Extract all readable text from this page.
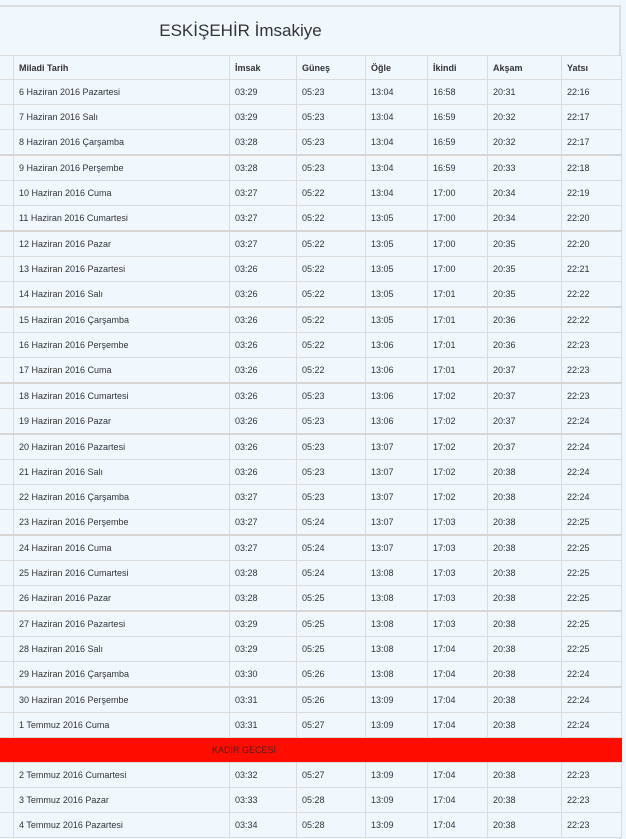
ESKİŞEHİR İmsakiye
	Miladi Tarih	İmsak	Güneş	Öğle	İkindi	Akşam	Yatsı
	6 Haziran 2016 Pazartesi	03:29	05:23	13:04	16:58	20:31	22:16
	7 Haziran 2016 Salı	03:29	05:23	13:04	16:59	20:32	22:17
	8 Haziran 2016 Çarşamba	03:28	05:23	13:04	16:59	20:32	22:17
	9 Haziran 2016 Perşembe	03:28	05:23	13:04	16:59	20:33	22:18
	10 Haziran 2016 Cuma	03:27	05:22	13:04	17:00	20:34	22:19
	11 Haziran 2016 Cumartesi	03:27	05:22	13:05	17:00	20:34	22:20
	12 Haziran 2016 Pazar	03:27	05:22	13:05	17:00	20:35	22:20
	13 Haziran 2016 Pazartesi	03:26	05:22	13:05	17:00	20:35	22:21
	14 Haziran 2016 Salı	03:26	05:22	13:05	17:01	20:35	22:22
	15 Haziran 2016 Çarşamba	03:26	05:22	13:05	17:01	20:36	22:22
	16 Haziran 2016 Perşembe	03:26	05:22	13:06	17:01	20:36	22:23
	17 Haziran 2016 Cuma	03:26	05:22	13:06	17:01	20:37	22:23
	18 Haziran 2016 Cumartesi	03:26	05:23	13:06	17:02	20:37	22:23
	19 Haziran 2016 Pazar	03:26	05:23	13:06	17:02	20:37	22:24
	20 Haziran 2016 Pazartesi	03:26	05:23	13:07	17:02	20:37	22:24
	21 Haziran 2016 Salı	03:26	05:23	13:07	17:02	20:38	22:24
	22 Haziran 2016 Çarşamba	03:27	05:23	13:07	17:02	20:38	22:24
	23 Haziran 2016 Perşembe	03:27	05:24	13:07	17:03	20:38	22:25
	24 Haziran 2016 Cuma	03:27	05:24	13:07	17:03	20:38	22:25
	25 Haziran 2016 Cumartesi	03:28	05:24	13:08	17:03	20:38	22:25
	26 Haziran 2016 Pazar	03:28	05:25	13:08	17:03	20:38	22:25
	27 Haziran 2016 Pazartesi	03:29	05:25	13:08	17:03	20:38	22:25
	28 Haziran 2016 Salı	03:29	05:25	13:08	17:04	20:38	22:25
	29 Haziran 2016 Çarşamba	03:30	05:26	13:08	17:04	20:38	22:24
	30 Haziran 2016 Perşembe	03:31	05:26	13:09	17:04	20:38	22:24
	1 Temmuz 2016 Cuma	03:31	05:27	13:09	17:04	20:38	22:24
KADİR GECESİ							
	2 Temmuz 2016 Cumartesi	03:32	05:27	13:09	17:04	20:38	22:23
	3 Temmuz 2016 Pazar	03:33	05:28	13:09	17:04	20:38	22:23
	4 Temmuz 2016 Pazartesi	03:34	05:28	13:09	17:04	20:38	22:23
